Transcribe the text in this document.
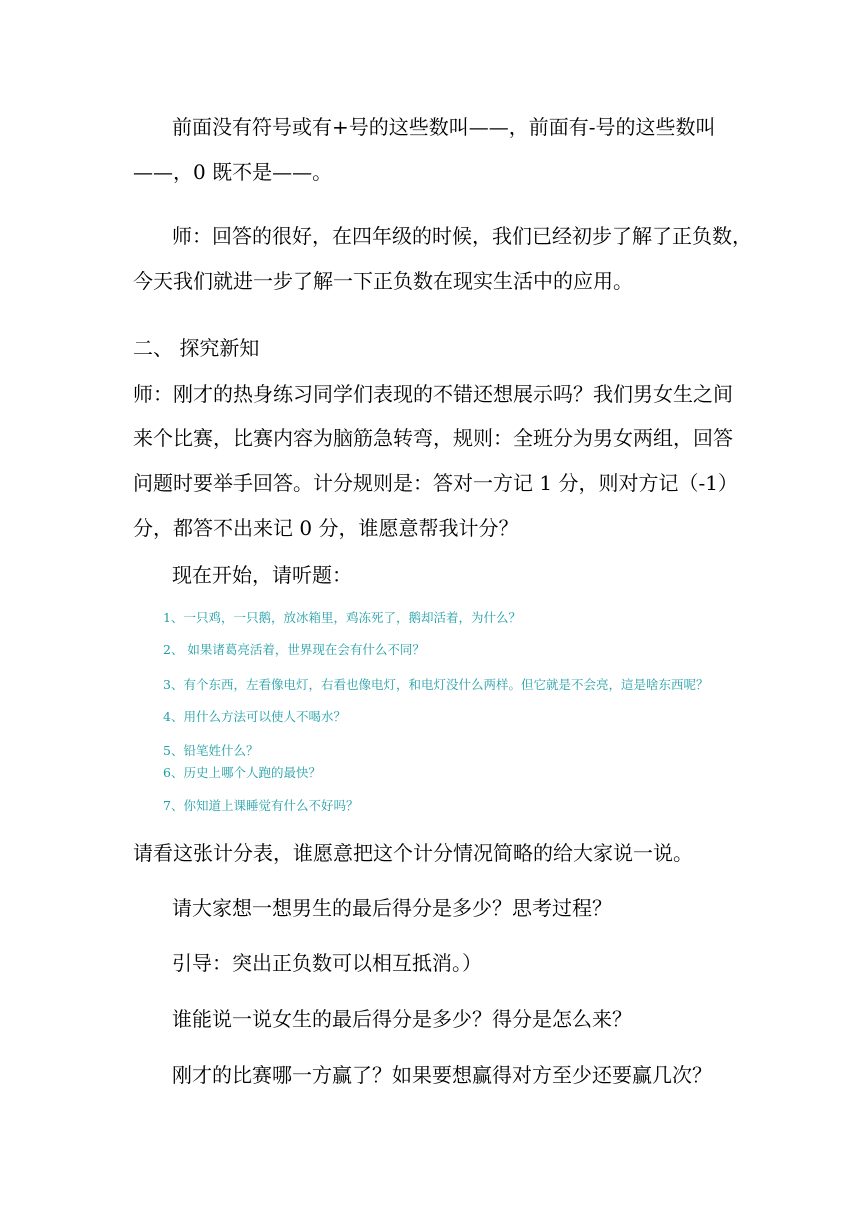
前面没有符号或有+号的这些数叫——，前面有-号的这些数叫
——，0 既不是——。
师：回答的很好，在四年级的时候，我们已经初步了解了正负数，
今天我们就进一步了解一下正负数在现实生活中的应用。
二、 探究新知
师：刚才的热身练习同学们表现的不错还想展示吗？我们男女生之间
来个比赛，比赛内容为脑筋急转弯，规则：全班分为男女两组，回答
问题时要举手回答。计分规则是：答对一方记 1 分，则对方记（-1）
分，都答不出来记 0 分，谁愿意帮我计分？
现在开始，请听题：
1、一只鸡，一只鹅，放冰箱里，鸡冻死了，鹅却活着，为什么？
2、 如果诸葛亮活着，世界现在会有什么不同？
3、有个东西，左看像电灯，右看也像电灯，和电灯没什么两样。但它就是不会亮，這是啥东西呢？
4、用什么方法可以使人不喝水？
5、铅笔姓什么？
6、历史上哪个人跑的最快？
7、你知道上课睡觉有什么不好吗？
请看这张计分表，谁愿意把这个计分情况简略的给大家说一说。
请大家想一想男生的最后得分是多少？思考过程？
引导：突出正负数可以相互抵消。）
谁能说一说女生的最后得分是多少？得分是怎么来？
刚才的比赛哪一方赢了？如果要想赢得对方至少还要赢几次？
